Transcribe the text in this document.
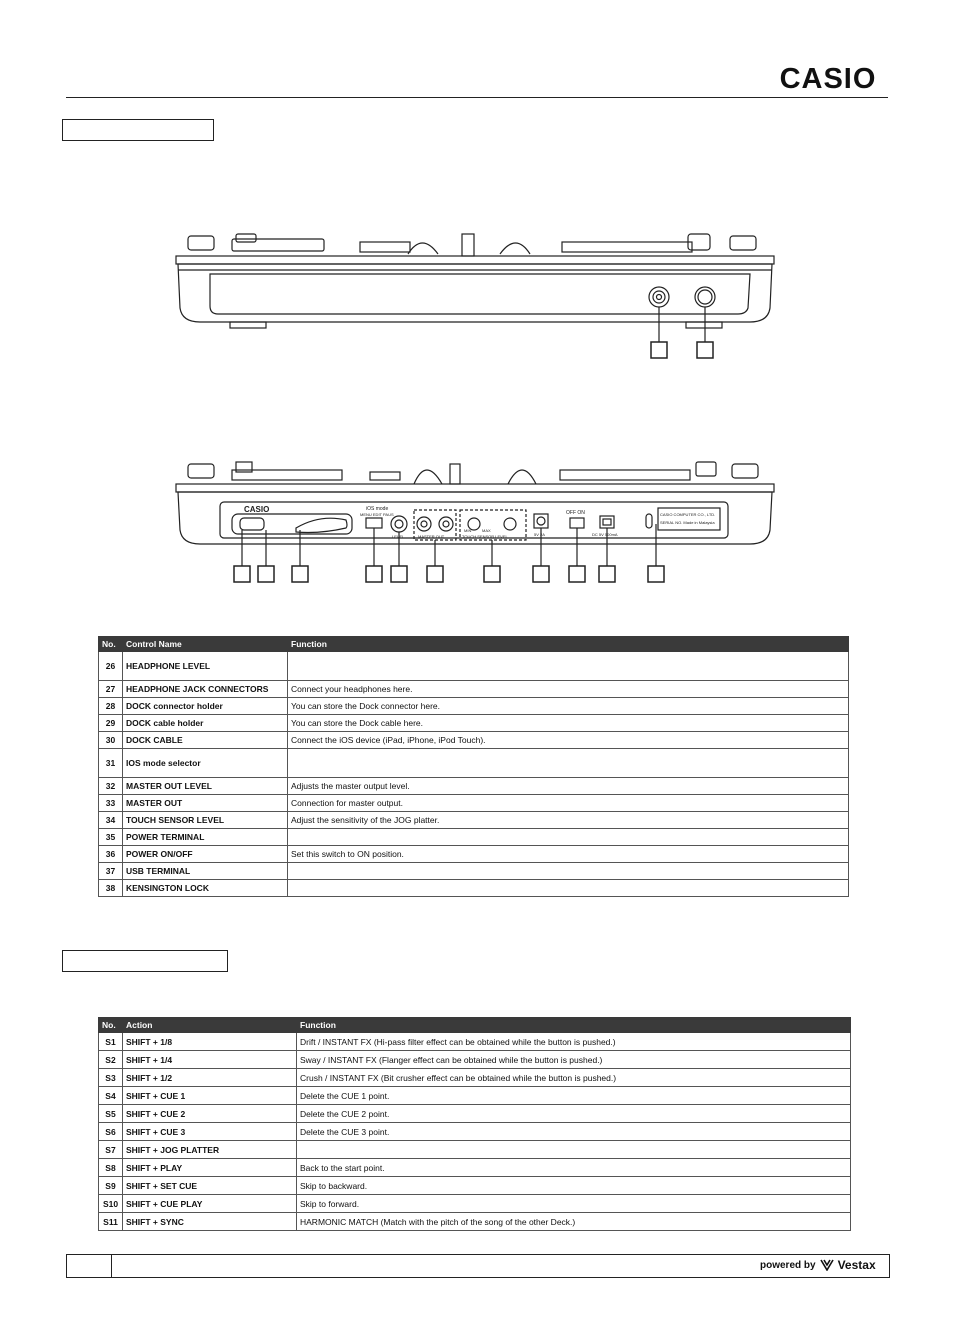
CASIO
CASIO	iOS mode
MENU EDIT PAUS
LEVEL	MASTER OUT
MIN	MAX
TOUCH SENSOR LEVEL	5V 2A
OFF ON
DC 5V 500mA
CASIO COMPUTER CO., LTD.
SERIAL NO. Made in Malaysia
No.	Control Name	Function
26	HEADPHONE LEVEL	
27	HEADPHONE JACK CONNECTORS	Connect your headphones here.
28	DOCK connector holder	You can store the Dock connector here.
29	DOCK cable holder	You can store the Dock cable here.
30	DOCK CABLE	Connect the iOS device (iPad, iPhone, iPod Touch).
31	IOS mode selector	
32	MASTER OUT LEVEL	Adjusts the master output level.
33	MASTER OUT	Connection for master output.
34	TOUCH SENSOR LEVEL	Adjust the sensitivity of the JOG platter.
35	POWER TERMINAL	
36	POWER ON/OFF	Set this switch to ON position.
37	USB TERMINAL	
38	KENSINGTON LOCK	
No.	Action	Function
S1	SHIFT + 1/8	Drift / INSTANT FX (Hi-pass filter effect can be obtained while the button is pushed.)
S2	SHIFT + 1/4	Sway / INSTANT FX (Flanger effect can be obtained while the button is pushed.)
S3	SHIFT + 1/2	Crush / INSTANT FX (Bit crusher effect can be obtained while the button is pushed.)
S4	SHIFT + CUE 1	Delete the CUE 1 point.
S5	SHIFT + CUE 2	Delete the CUE 2 point.
S6	SHIFT + CUE 3	Delete the CUE 3 point.
S7	SHIFT + JOG PLATTER	
S8	SHIFT + PLAY	Back to the start point.
S9	SHIFT + SET CUE	Skip to backward.
S10	SHIFT + CUE PLAY	Skip to forward.
S11	SHIFT + SYNC	HARMONIC MATCH (Match with the pitch of the song of the other Deck.)
powered by Vestax
